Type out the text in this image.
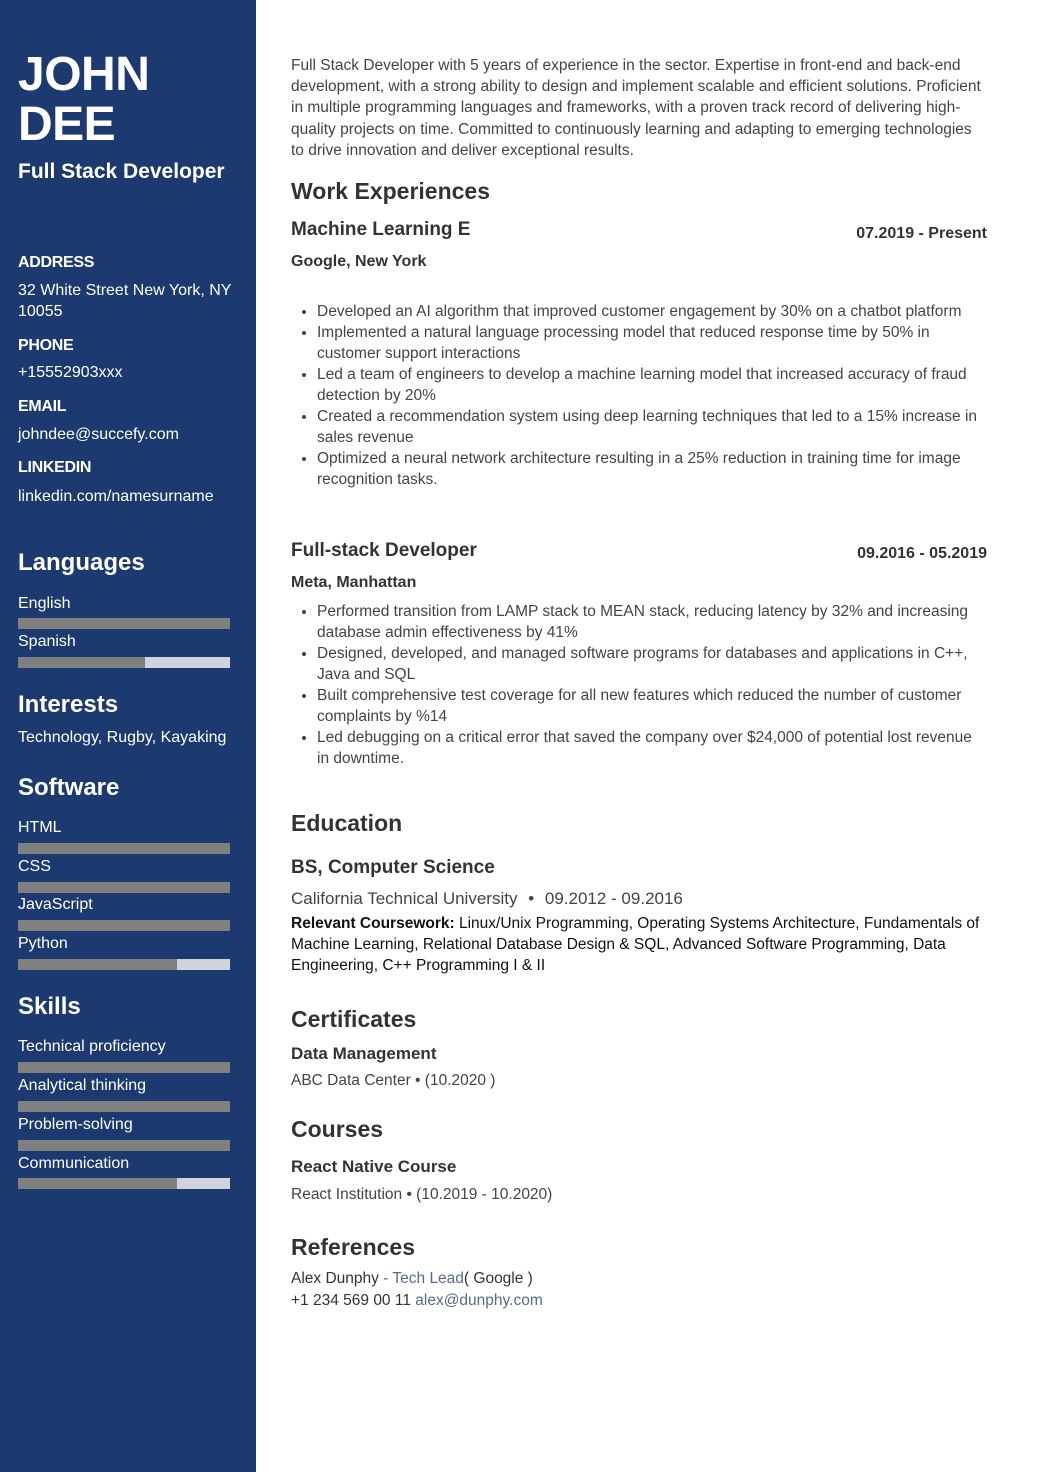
JOHN
DEE
Full Stack Developer
ADDRESS
32 White Street New York, NY 10055
PHONE
+15552903xxx
EMAIL
johndee@succefy.com
LINKEDIN
linkedin.com/namesurname
Languages
English
Spanish
Interests
Technology, Rugby, Kayaking
Software
HTML
CSS
JavaScript
Python
Skills
Technical proficiency
Analytical thinking
Problem-solving
Communication
Full Stack Developer with 5 years of experience in the sector. Expertise in front-end and back-end development, with a strong ability to design and implement scalable and efficient solutions. Proficient in multiple programming languages and frameworks, with a proven track record of delivering high-quality projects on time. Committed to continuously learning and adapting to emerging technologies to drive innovation and deliver exceptional results.
Work Experiences
Machine Learning E	07.2019 - Present
Google, New York
• Developed an AI algorithm that improved customer engagement by 30% on a chatbot platform
• Implemented a natural language processing model that reduced response time by 50% in customer support interactions
• Led a team of engineers to develop a machine learning model that increased accuracy of fraud detection by 20%
• Created a recommendation system using deep learning techniques that led to a 15% increase in sales revenue
• Optimized a neural network architecture resulting in a 25% reduction in training time for image recognition tasks.
Full-stack Developer	09.2016 - 05.2019
Meta, Manhattan
• Performed transition from LAMP stack to MEAN stack, reducing latency by 32% and increasing database admin effectiveness by 41%
• Designed, developed, and managed software programs for databases and applications in C++, Java and SQL
• Built comprehensive test coverage for all new features which reduced the number of customer complaints by %14
• Led debugging on a critical error that saved the company over $24,000 of potential lost revenue in downtime.
Education
BS, Computer Science
California Technical University • 09.2012 - 09.2016
Relevant Coursework: Linux/Unix Programming, Operating Systems Architecture, Fundamentals of Machine Learning, Relational Database Design & SQL, Advanced Software Programming, Data Engineering, C++ Programming I & II
Certificates
Data Management
ABC Data Center • (10.2020 )
Courses
React Native Course
React Institution • (10.2019 - 10.2020)
References
Alex Dunphy - Tech Lead( Google )
+1 234 569 00 11 alex@dunphy.com
